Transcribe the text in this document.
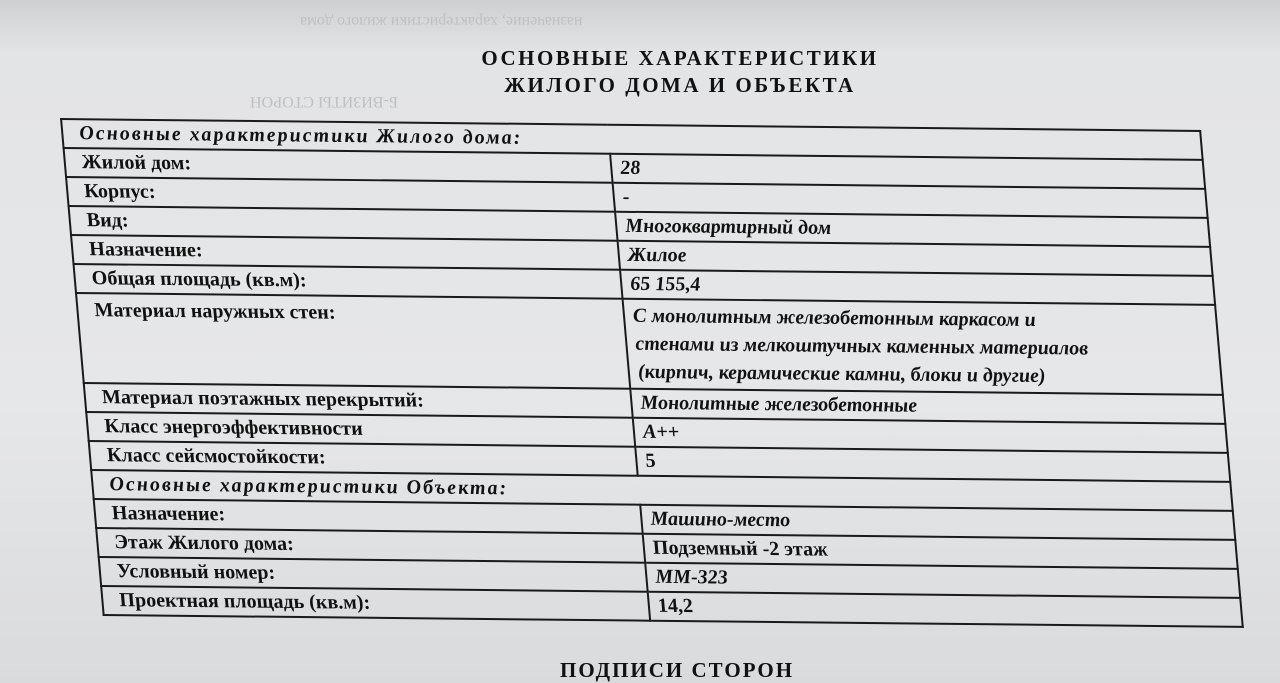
Б-ВИЗИТЫ СТОРОН
назначение, характеристики жилого дома
ОСНОВНЫЕ ХАРАКТЕРИСТИКИ
ЖИЛОГО ДОМА И ОБЪЕКТА
Основные характеристики Жилого дома:	
Жилой дом:	28
Корпус:	-
Вид:	Многоквартирный дом
Назначение:	Жилое
Общая площадь (кв.м):	65 155,4
Материал наружных стен:	С монолитным железобетонным каркасом и
стенами из мелкоштучных каменных материалов
(кирпич, керамические камни, блоки и другие)

Материал поэтажных перекрытий:	Монолитные железобетонные
Класс энергоэффективности	А++
Класс сейсмостойкости:	5
Основные характеристики Объекта:	
Назначение:	Машино-место
Этаж Жилого дома:	Подземный -2 этаж
Условный номер:	ММ-323
Проектная площадь (кв.м):	14,2
ПОДПИСИ СТОРОН
